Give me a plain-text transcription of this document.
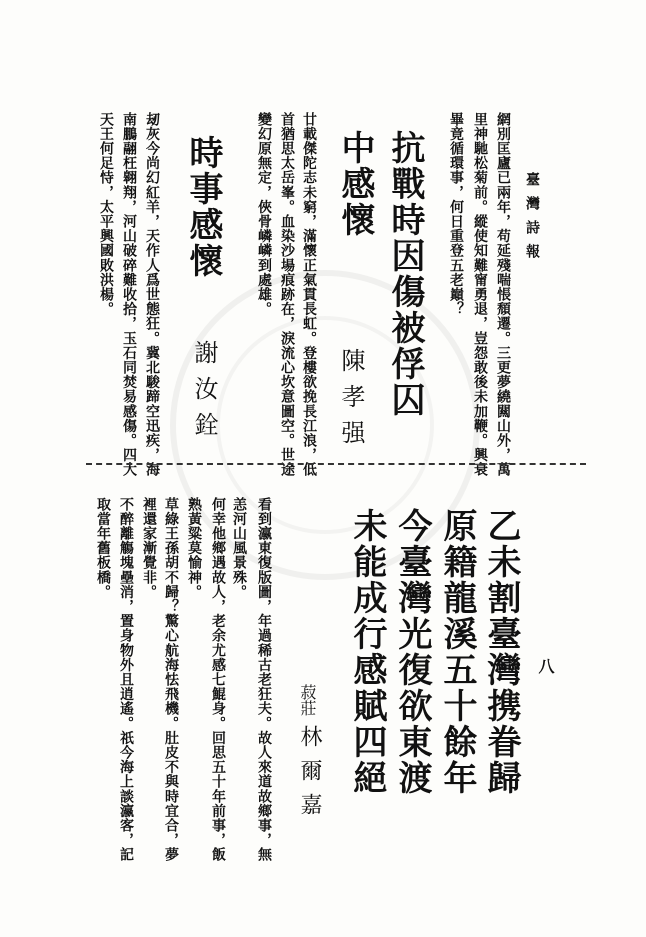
臺灣詩報
八
網別匡廬已兩年，苟延殘喘悵頹遷。三更夢繞闗山外，萬
里神馳松菊前。縱使知難甯勇退，豈怨敢後未加鞭。興衰
畢竟循環事，何日重登五老巔？
抗戰時因傷被俘囚
中感懷
陳孝强
廿載傑陀志未窮，滿懷正氣貫長虹。登樓欲挽長江浪，低
首猶思太岳峯。血染沙場痕跡在，淚流心坎意圖空。世途
變幻原無定，俠骨嶙嶙到處雄。
時事感懷
謝汝銓
刼灰今尚幻紅羊，天作人爲世態狂。冀北駿蹄空迅疾，海
南鵬翮枉翱翔，河山破碎難收拾，玉石同焚易感傷。四大
天王何足恃，太平興國敗洪楊。
乙未割臺灣携眷歸
原籍龍溪五十餘年
今臺灣光復欲東渡
未能成行感賦四絕
菽莊
林爾嘉
看到瀛東復版圖，年過稀古老狂夫。故人來道故鄉事，無
恙河山風景殊。
何幸他鄉遇故人，老余尤感七鯤身。回思五十年前事，飯
熟黃粱莫愉神。
草綠王孫胡不歸？驚心航海怯飛機。肚皮不與時宜合，夢
裡還家漸覺非。
不醉離觴塊壘消，置身物外且逍遙。祇今海上談瀛客，記
取當年舊板橋。
